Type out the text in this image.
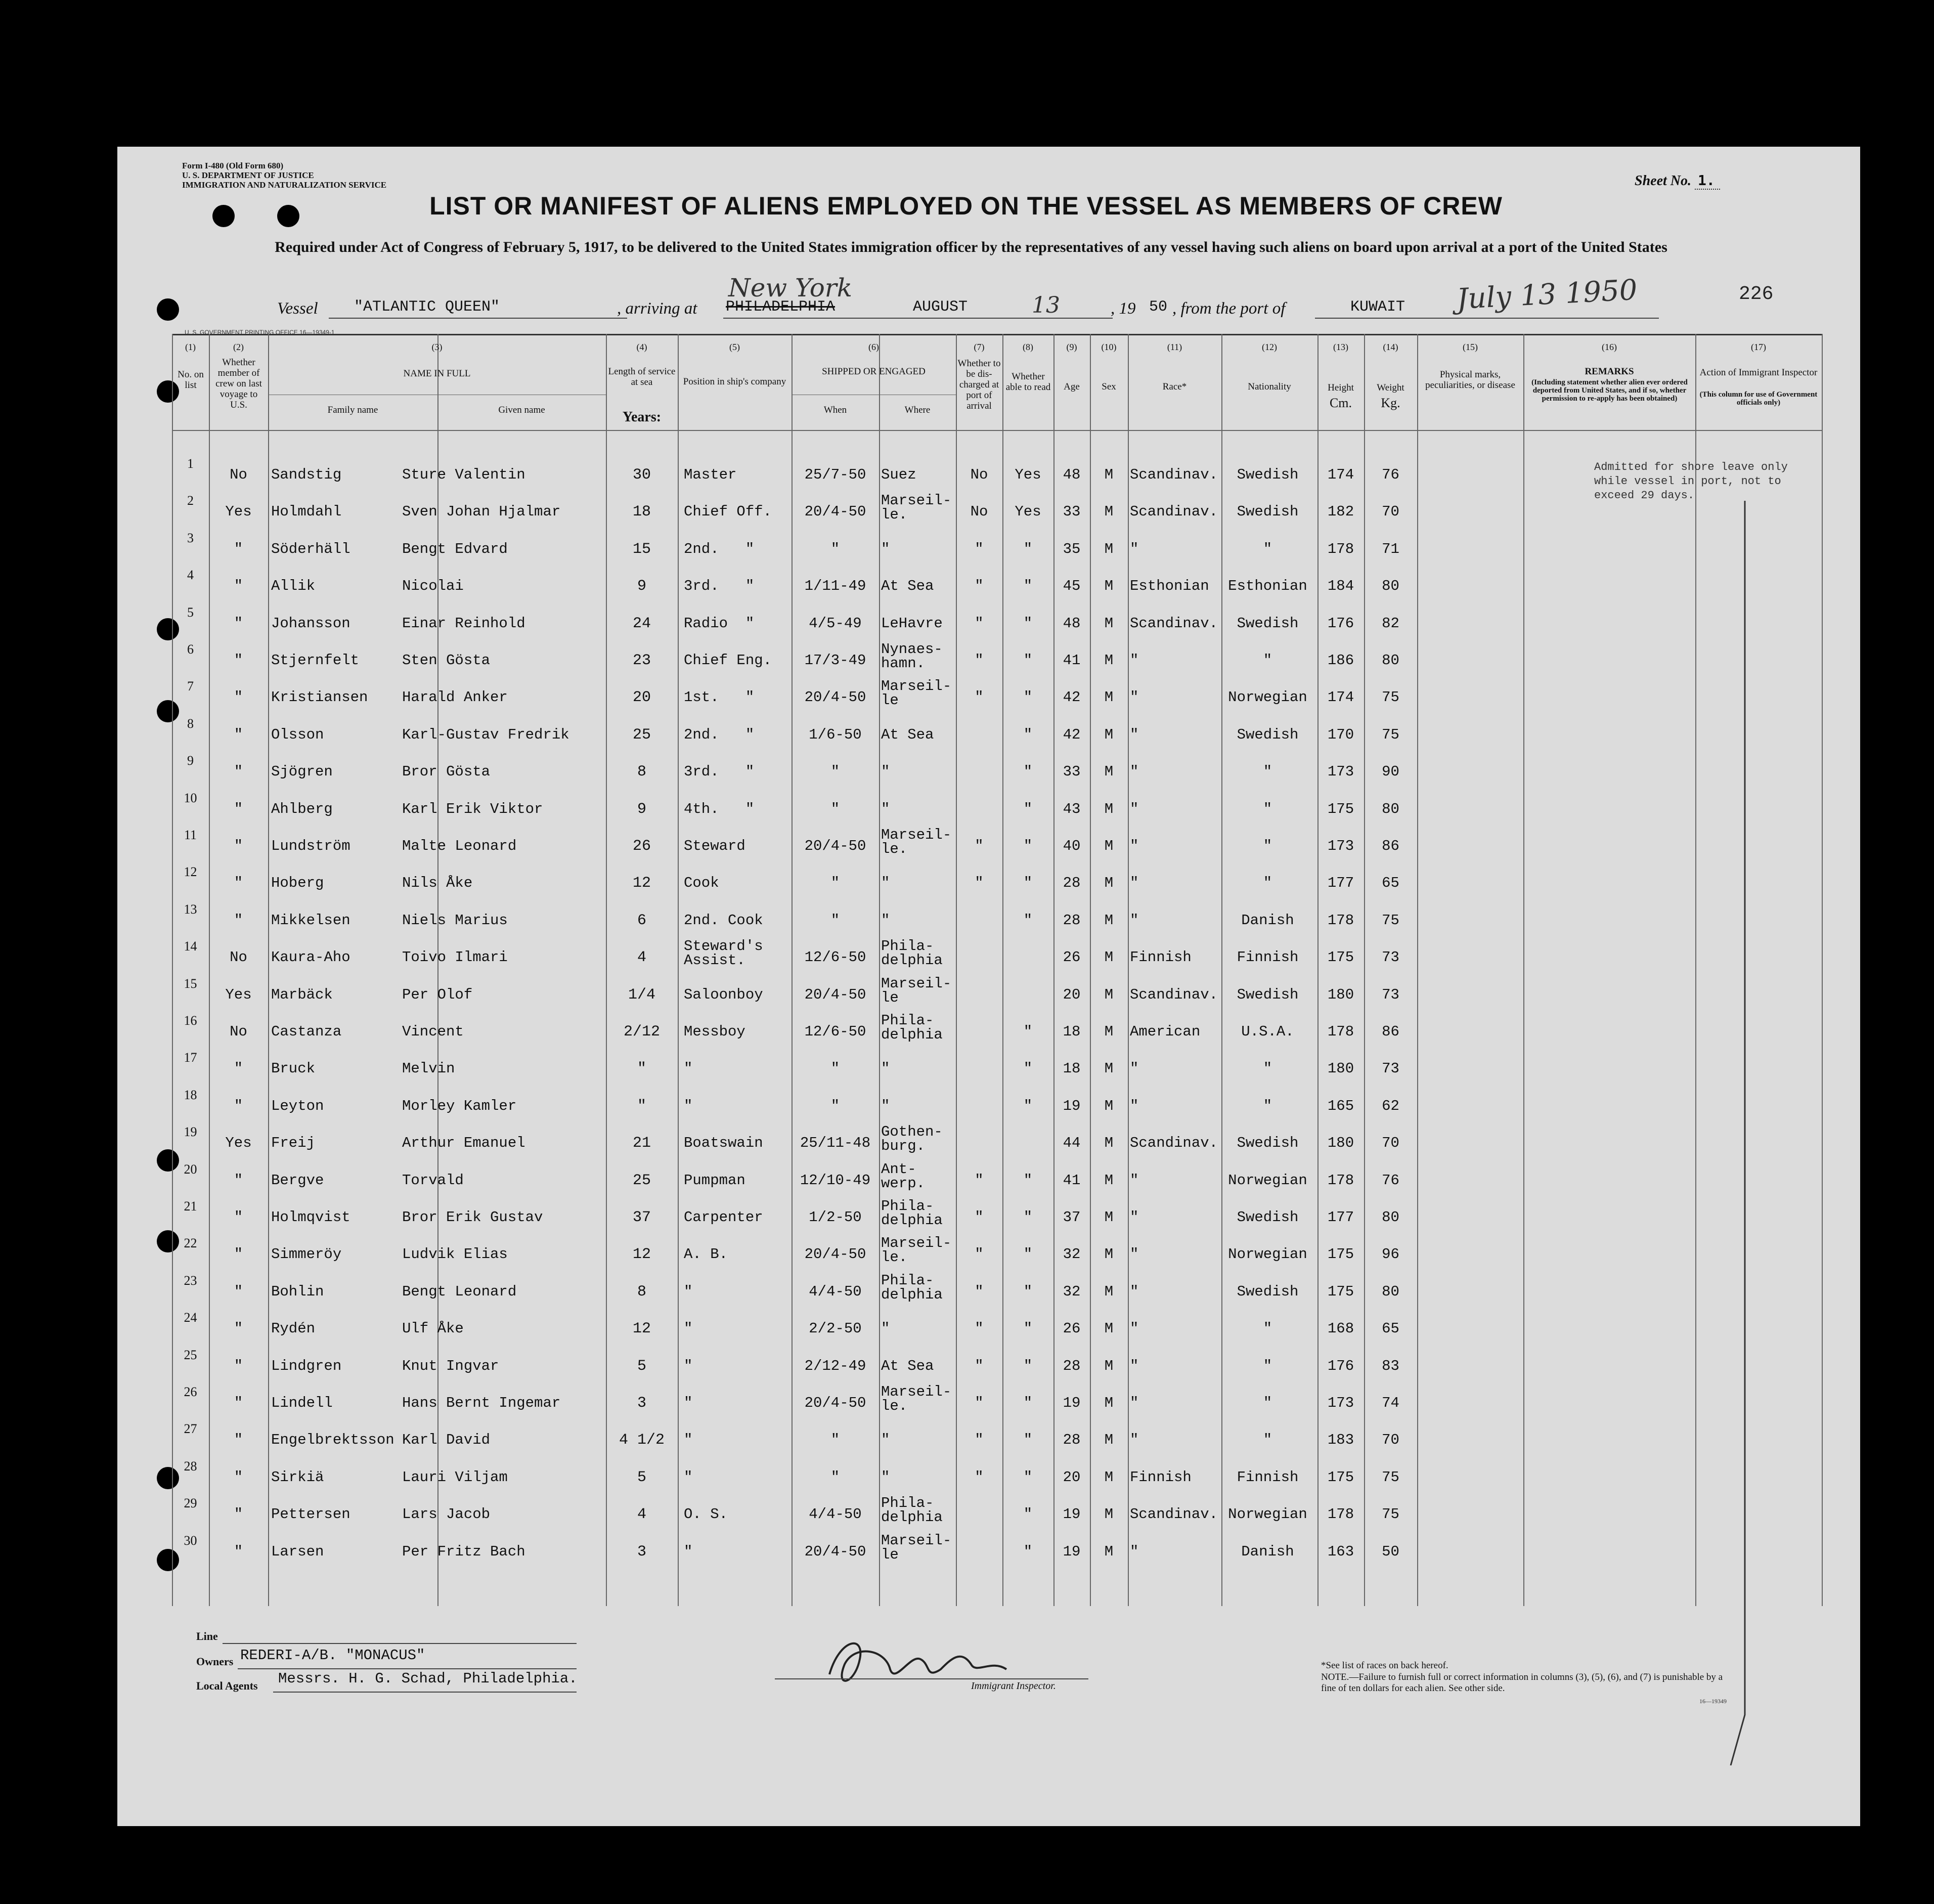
Form I-480 (Old Form 680)
U. S. DEPARTMENT OF JUSTICE
IMMIGRATION AND NATURALIZATION SERVICE	Sheet No. 1.
LIST OR MANIFEST OF ALIENS EMPLOYED ON THE VESSEL AS MEMBERS OF CREW
Required under Act of Congress of February 5, 1917, to be delivered to the United States immigration officer by the representatives of any vessel having such aliens on board upon arrival at a port of the United States
Vessel "ATLANTIC QUEEN"	, arriving at PHILADELPHIA
New York
AUGUST	13	, 19 50 , from the port of	KUWAIT July 13 1950	226
U. S. GOVERNMENT PRINTING OFFICE 16—19349-1
(1)	(2)	(3)	(4)	(5)	(6)	(7)	(8)	(9)	(10)	(11)	(12)	(13)	(14)	(15)	(16)	(17)
No. on list
Whether member of crew on last voyage to U.S.
NAME IN FULL
Family name	Given name
Length of service at sea
Years:
Position in ship's company
SHIPPED OR ENGAGED
When	Where
Whether to be dis-charged at port of arrival
Whether able to read	Age	Sex	Race*	Nationality	Height
Cm.
Weight
Kg.
Physical marks, peculiarities, or disease
REMARKS
(Including statement whether alien ever ordered deported from United States, and if so, whether permission to re-apply has been obtained)
Action of Immigrant Inspector
(This column for use of Government officials only)
1
No	Sandstig	Sture Valentin	30	Master	25/7-50	Suez	No	Yes	48	M	Scandinav.	Swedish	174	76
2
Yes	Holmdahl	Sven Johan Hjalmar	18	Chief Off.	20/4-50
Marseil-
le.	No	Yes	33	M	Scandinav.	Swedish	182	70
3
"	Söderhäll	Bengt Edvard	15	2nd.   "	"	"	"	"	35	M	"	"	178	71
4
"	Allik	Nicolai	9	3rd.   "	1/11-49	At Sea	"	"	45	M	Esthonian	Esthonian	184	80
5
"	Johansson	Einar Reinhold	24	Radio  "	4/5-49	LeHavre	"	"	48	M	Scandinav.	Swedish	176	82
6
"	Stjernfelt	Sten Gösta	23	Chief Eng.	17/3-49
Nynaes-
hamn.	"	"	41	M	"	"	186	80
7
"	Kristiansen	Harald Anker	20	1st.   "	20/4-50
Marseil-
le	"	"	42	M	"	Norwegian	174	75
8
"	Olsson	Karl-Gustav Fredrik	25	2nd.   "	1/6-50	At Sea	"	42	M	"	Swedish	170	75
9
"	Sjögren	Bror Gösta	8	3rd.   "	"	"	"	33	M	"	"	173	90
10
"	Ahlberg	Karl Erik Viktor	9	4th.   "	"	"	"	43	M	"	"	175	80
11
"	Lundström	Malte Leonard	26	Steward	20/4-50
Marseil-
le.	"	"	40	M	"	"	173	86
12
"	Hoberg	Nils Åke	12	Cook	"	"	"	"	28	M	"	"	177	65
13
"	Mikkelsen	Niels Marius	6	2nd. Cook	"	"	"	28	M	"	Danish	178	75
14
No	Kaura-Aho	Toivo Ilmari	4
Steward's
Assist.	12/6-50
Phila-
delphia	26	M	Finnish	Finnish	175	73
15
Yes	Marbäck	Per Olof	1/4	Saloonboy	20/4-50
Marseil-
le	20	M	Scandinav.	Swedish	180	73
16
No	Castanza	Vincent	2/12	Messboy	12/6-50
Phila-
delphia	"	18	M	American	U.S.A.	178	86
17
"	Bruck	Melvin	"	"	"	"	"	18	M	"	"	180	73
18
"	Leyton	Morley Kamler	"	"	"	"	"	19	M	"	"	165	62
19
Yes	Freij	Arthur Emanuel	21	Boatswain	25/11-48
Gothen-
burg.	44	M	Scandinav.	Swedish	180	70
20
"	Bergve	Torvald	25	Pumpman	12/10-49
Ant-
werp.	"	"	41	M	"	Norwegian	178	76
21
"	Holmqvist	Bror Erik Gustav	37	Carpenter	1/2-50
Phila-
delphia	"	"	37	M	"	Swedish	177	80
22
"	Simmeröy	Ludvik Elias	12	A. B.	20/4-50
Marseil-
le.	"	"	32	M	"	Norwegian	175	96
23
"	Bohlin	Bengt Leonard	8	"	4/4-50
Phila-
delphia	"	"	32	M	"	Swedish	175	80
24
"	Rydén	Ulf Åke	12	"	2/2-50	"	"	"	26	M	"	"	168	65
25
"	Lindgren	Knut Ingvar	5	"	2/12-49	At Sea	"	"	28	M	"	"	176	83
26
"	Lindell	Hans Bernt Ingemar	3	"	20/4-50
Marseil-
le.	"	"	19	M	"	"	173	74
27
"	Engelbrektsson Karl David	4 1/2	"	"	"	"	"	28	M	"	"	183	70
28
"	Sirkiä	Lauri Viljam	5	"	"	"	"	"	20	M	Finnish	Finnish	175	75
29
"	Pettersen	Lars Jacob	4	O. S.	4/4-50
Phila-
delphia	"	19	M	Scandinav. Norwegian	178	75
30
"	Larsen	Per Fritz Bach	3	"	20/4-50
Marseil-
le	"	19	M	"	Danish	163	50
Admitted for shore leave only while vessel in port, not to exceed 29 days.
Line
Owners REDERI-A/B. "MONACUS"
Local Agents Messrs. H. G. Schad, Philadelphia.	Immigrant Inspector.
*See list of races on back hereof.
NOTE.—Failure to furnish full or correct information in columns (3), (5), (6), and (7) is punishable by a fine of ten dollars for each alien. See other side.
16—19349
